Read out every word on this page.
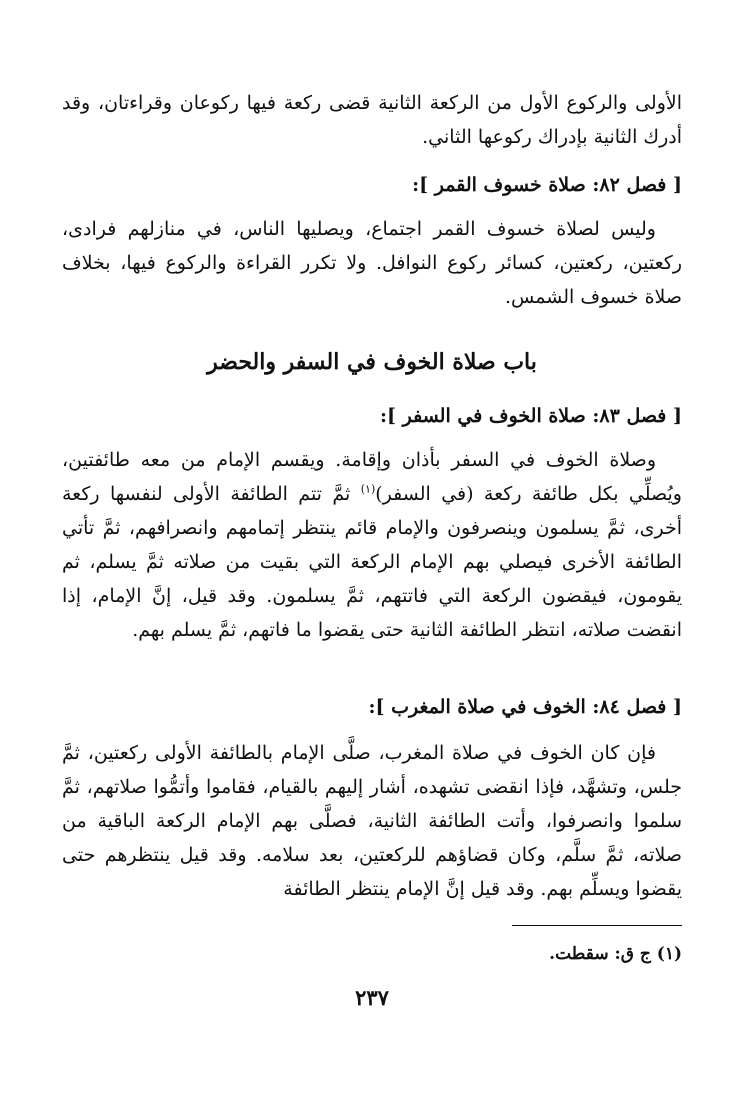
الأولى والركوع الأول من الركعة الثانية قضى ركعة فيها ركوعان وقراءتان، وقد أدرك الثانية بإدراك ركوعها الثاني.

[ فصل ٨٢: صلاة خسوف القمر ]:

وليس لصلاة خسوف القمر اجتماع، ويصليها الناس، في منازلهم فرادى، ركعتين، ركعتين، كسائر ركوع النوافل. ولا تكرر القراءة والركوع فيها، بخلاف صلاة خسوف الشمس.

باب صلاة الخوف في السفر والحضر
[ فصل ٨٣: صلاة الخوف في السفر ]:

وصلاة الخوف في السفر بأذان وإقامة. ويقسم الإمام من معه طائفتين، ويُصلِّي بكل طائفة ركعة (في السفر)$^{(١)}$ ثمَّ تتم الطائفة الأولى لنفسها ركعة أخرى، ثمَّ يسلمون وينصرفون والإمام قائم ينتظر إتمامهم وانصرافهم، ثمَّ تأتي الطائفة الأخرى فيصلي بهم الإمام الركعة التي بقيت من صلاته ثمَّ يسلم، ثم يقومون، فيقضون الركعة التي فاتتهم، ثمَّ يسلمون. وقد قيل، إنَّ الإمام، إذا انقضت صلاته، انتظر الطائفة الثانية حتى يقضوا ما فاتهم، ثمَّ يسلم بهم.

[ فصل ٨٤: الخوف في صلاة المغرب ]:

فإن كان الخوف في صلاة المغرب، صلَّى الإمام بالطائفة الأولى ركعتين، ثمَّ جلس، وتشهَّد، فإذا انقضى تشهده، أشار إليهم بالقيام، فقاموا وأتمُّوا صلاتهم، ثمَّ سلموا وانصرفوا، وأتت الطائفة الثانية، فصلَّى بهم الإمام الركعة الباقية من صلاته، ثمَّ سلَّم، وكان قضاؤهم للركعتين، بعد سلامه. وقد قيل ينتظرهم حتى يقضوا ويسلِّم بهم. وقد قيل إنَّ الإمام ينتظر الطائفة

(١) ج ق: سقطت.
٢٣٧
